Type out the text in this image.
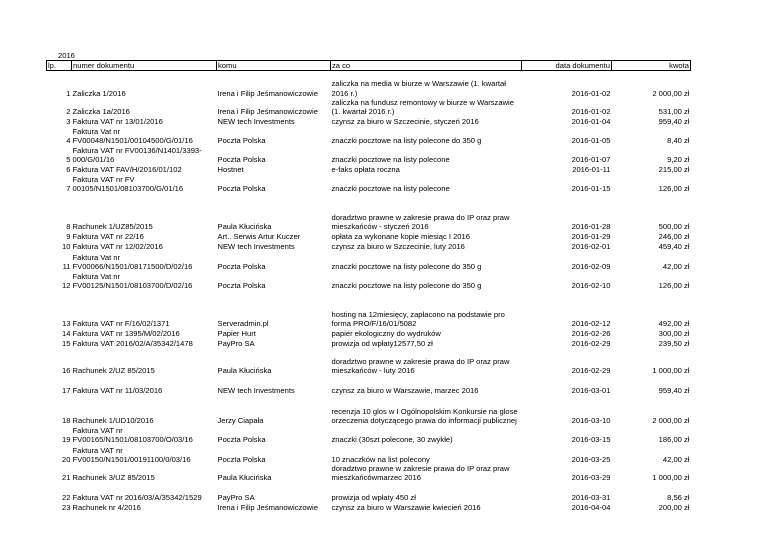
2016
lp.	numer dokumentu	komu	za co	data dokumentu	kwota
1	Zaliczka 1/2016	Irena i Filip Jeśmanowiczowie	zaliczka na media w biurze w Warszawie (1. kwartał 2016 r.)	2016-01-02	2 000,00 zł
2	Zaliczka 1a/2016	Irena i Filip Jeśmanowiczowie	zaliczka na fundusz remontowy w biurze w Warszawie (1. kwartał 2016 r.)	2016-01-02	531,00 zł
3	Faktura VAT nr 13/01/2016	NEW tech Investments	czynsz za biuro w Szczecinie, styczeń 2016	2016-01-04	959,40 zł
4	Faktura Vat nr FV00048/N1501/00104500/G/01/16	Poczta Polska	znaczki pocztowe na listy polecone do 350 g	2016-01-05	8,40 zł
5	Faktura VAT nr FV00136/N1401/3393-000/G/01/16	Poczta Polska	znaczki pocztowe na listy polecone	2016-01-07	9,20 zł
6	Faktura VAT FAV/H/2016/01/102	Hostnet	e-faks opłata roczna	2016-01-11	215,00 zł
7	Faktura VAT nr FV 00105/N1501/08103700/G/01/16	Poczta Polska	znaczki pocztowe na listy polecone	2016-01-15	126,00 zł
8	Rachunek 1/UZ85/2015	Paula Kłucińska	doradztwo prawne w zakresie prawa do IP oraz praw mieszkańców - styczeń 2016	2016-01-28	500,00 zł
9	Faktura VAT nr 22/16	Art.. Serwis Artur Kuczer	opłata za wykonane kopie miesiąc I 2016	2016-01-29	246,00 zł
10	Faktura VAT nr 12/02/2016	NEW tech Investments	czynsz za biuro w Szczecinie, luty 2016	2016-02-01	459,40 zł
11	Faktura Vat nr FV00066/N1501/08171500/D/02/16	Poczta Polska	znaczki pocztowe na listy polecone do 350 g	2016-02-09	42,00 zł
12	Faktura Vat nr FV00125/N1501/08103700/D/02/16	Poczta Polska	znaczki pocztowe na listy polecone do 350 g	2016-02-10	126,00 zł
13	Faktura VAT nr F/16/02/1371	Serveradmin.pl	hosting na 12miesięcy, zapłacono na podstawie pro forma PRO/F/16/01/5082	2016-02-12	492,00 zł
14	Faktura VAT nr 1395/M/02/2016	Papier Hurt	papier ekologiczny do wydruków	2016-02-26	300,00 zł
15	Faktura VAT 2016/02/A/35342/1478	PayPro SA	prowizja od wpłaty12577,50 zł	2016-02-29	239,50 zł
16	Rachunek 2/UZ 85/2015	Paula Kłucińska	doradztwo prawne w zakresie prawa do IP oraz praw mieszkańców - luty 2016	2016-02-29	1 000,00 zł
17	Faktura VAT nr 11/03/2016	NEW tech Investments	czynsz za biuro w Warszawie, marzec 2016	2016-03-01	959,40 zł
18	Rachunek 1/UD10/2016	Jerzy Ciapała	recenzja 10 glos w I Ogólnopolskim Konkursie na glose orzeczenia dotyczącego prawa do informacji publicznej	2016-03-10	2 000,00 zł
19	Faktura VAT nr FV00165/N1501/08103700/O/03/16	Poczta Polska	znaczki (30szt polecone, 30 zwykłe)	2016-03-15	186,00 zł
20	Faktura VAT nr FV00150/N1501/00191100/0/03/16	Poczta Polska	10 znaczków na list polecony	2016-03-25	42,00 zł
21	Rachunek 3/UZ 85/2015	Paula Kłucińska	doradztwo prawne w zakresie prawa do IP oraz praw mieszkańcówmarzec 2016	2016-03-29	1 000,00 zł
22	Faktura VAT nr 2016/03/A/35342/1529	PayPro SA	prowizja od wpłaty 450 zł	2016-03-31	8,56 zł
23	Rachunek nr 4/2016	Irena i Filip Jeśmanowiczowie	czynsz za biuro w Warszawie kwiecień 2016	2016-04-04	200,00 zł
